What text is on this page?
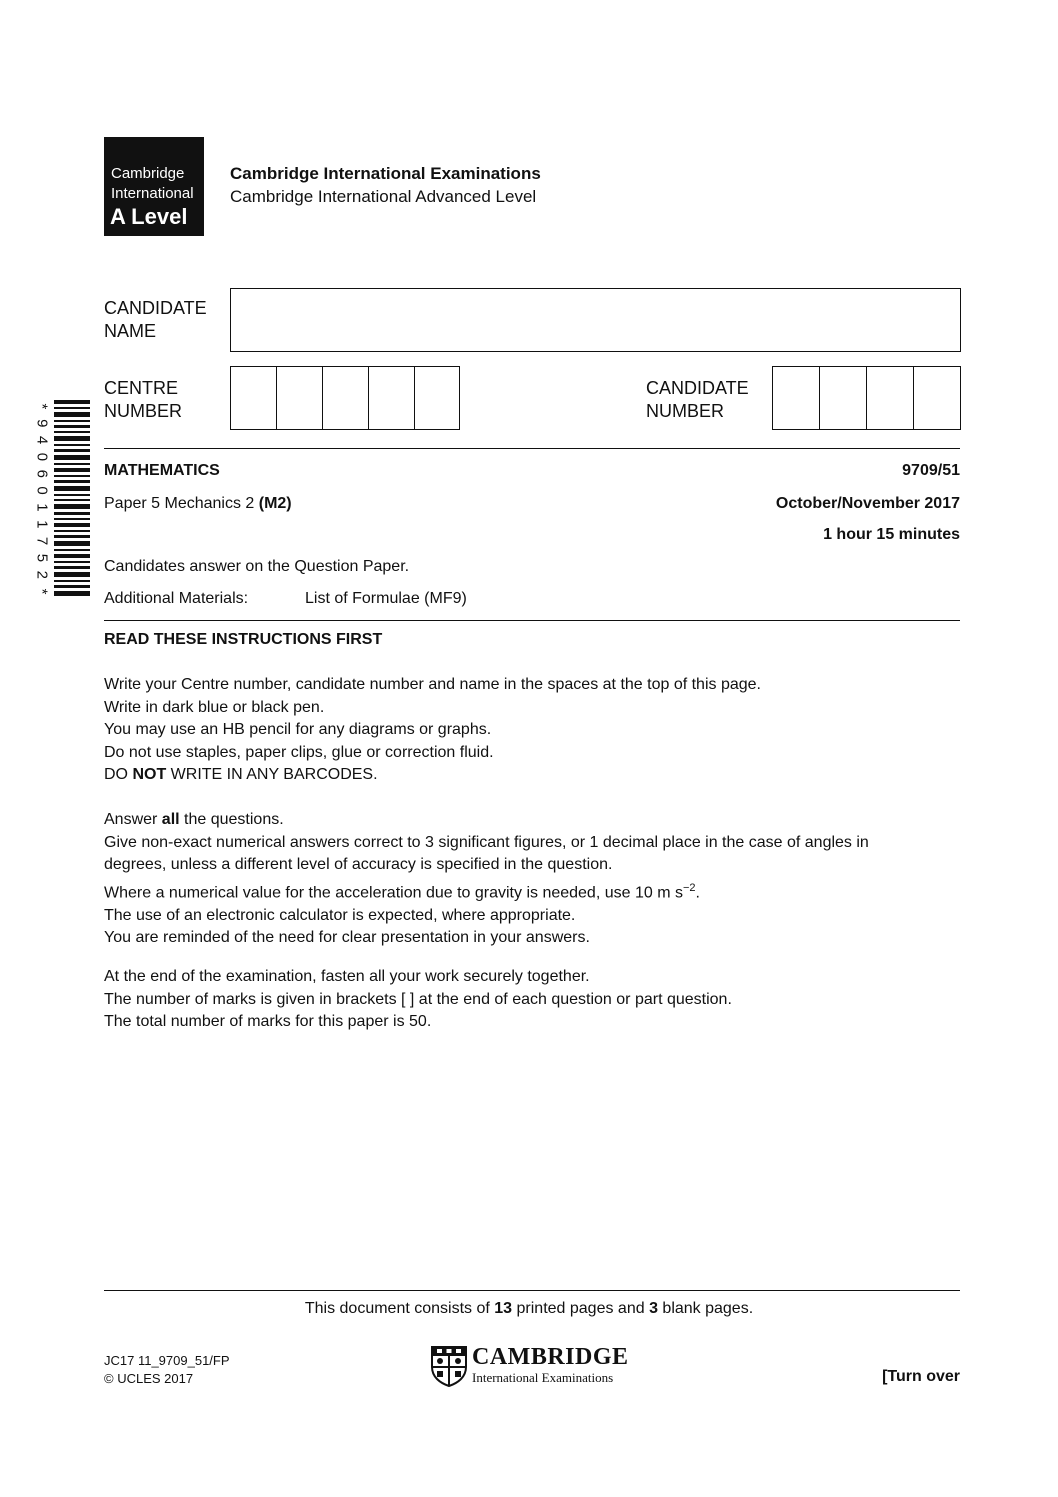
Cambridge
International
A Level
Cambridge International Examinations
Cambridge International Advanced Level
CANDIDATE
NAME
CENTRE
NUMBER
CANDIDATE
NUMBER
*
9
4
0
6
0
1
1
7
5
2
*
MATHEMATICS	9709/51
Paper 5 Mechanics 2 (M2)	October/November 2017
1 hour 15 minutes
Candidates answer on the Question Paper.
Additional Materials:	List of Formulae (MF9)
READ THESE INSTRUCTIONS FIRST
Write your Centre number, candidate number and name in the spaces at the top of this page.
Write in dark blue or black pen.
You may use an HB pencil for any diagrams or graphs.
Do not use staples, paper clips, glue or correction fluid.
DO NOT WRITE IN ANY BARCODES.
Answer all the questions.
Give non-exact numerical answers correct to 3 significant figures, or 1 decimal place in the case of angles in
degrees, unless a different level of accuracy is specified in the question.
Where a numerical value for the acceleration due to gravity is needed, use 10 m $s^{-2}$.
The use of an electronic calculator is expected, where appropriate.
You are reminded of the need for clear presentation in your answers.
At the end of the examination, fasten all your work securely together.
The number of marks is given in brackets [ ] at the end of each question or part question.
The total number of marks for this paper is 50.
This document consists of 13 printed pages and 3 blank pages.
JC17 11_9709_51/FP
© UCLES 2017
CAMBRIDGE
International Examinations	[Turn over
